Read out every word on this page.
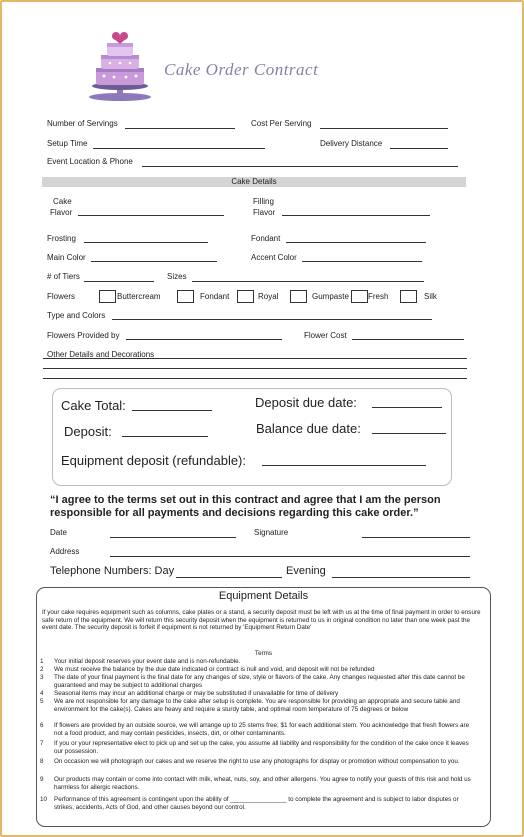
Cake Order Contract
Number of Servings	Cost Per Serving
Setup Time	Delivery Distance
Event Location & Phone
Cake Details
Cake
Flavor
Filling
Flavor
Frosting	Fondant
Main Color	Accent Color
# of Tiers	Sizes
Flowers	Buttercream	Fondant	Royal	Gumpaste Fresh	Silk
Type and Colors
Flowers Provided by	Flower Cost
Other Details and Decorations
Cake Total:	Deposit due date:
Deposit:	Balance due date:
Equipment deposit (refundable):
“I agree to the terms set out in this contract and agree that I am the person responsible for all payments and decisions regarding this cake order.”
Date	Signature
Address
Telephone Numbers: Day	Evening
Equipment Details
If your cake requires equipment such as columns, cake plates or a stand, a security deposit must be left with us at the time of final payment in order to ensure safe return of the equipment. We will return this security deposit when the equipment is returned to us in original condition no later than one week past the event date. The security deposit is forfeit if equipment is not returned by 'Equipment Return Date'
Terms
1	Your initial deposit reserves your event date and is non-refundable.
2	We must receive the balance by the due date indicated or contract is null and void, and deposit will not be refunded
3	The date of your final payment is the final date for any changes of size, style or flavors of the cake. Any changes requested after this date cannot be guaranteed and may be subject to additional charges
4	Seasonal items may incur an additional charge or may be substituted if unavailable for time of delivery
5	We are not responsible for any damage to the cake after setup is complete. You are responsible for providing an appropriate and secure table and environment for the cake(s). Cakes are heavy and require a sturdy table, and optimal room temperature of 75 degrees or below
6	If flowers are provided by an outside source, we will arrange up to 25 stems free; $1 for each additional stem. You acknowledge that fresh flowers are not a food product, and may contain pesticides, insects, dirt, or other contaminants.
7	If you or your representative elect to pick up and set up the cake, you assume all liability and responsibility for the condition of the cake once it leaves our possession.
8	On occasion we will photograph our cakes and we reserve the right to use any photographs for display or promotion without compensation to you.
9	Our products may contain or come into contact with milk, wheat, nuts, soy, and other allergens. You agree to notify your guests of this risk and hold us harmless for allergic reactions.
10	Performance of this agreement is contingent upon the ability of ________________ to complete the agreement and is subject to labor disputes or strikes, accidents, Acts of God, and other causes beyond our control.
